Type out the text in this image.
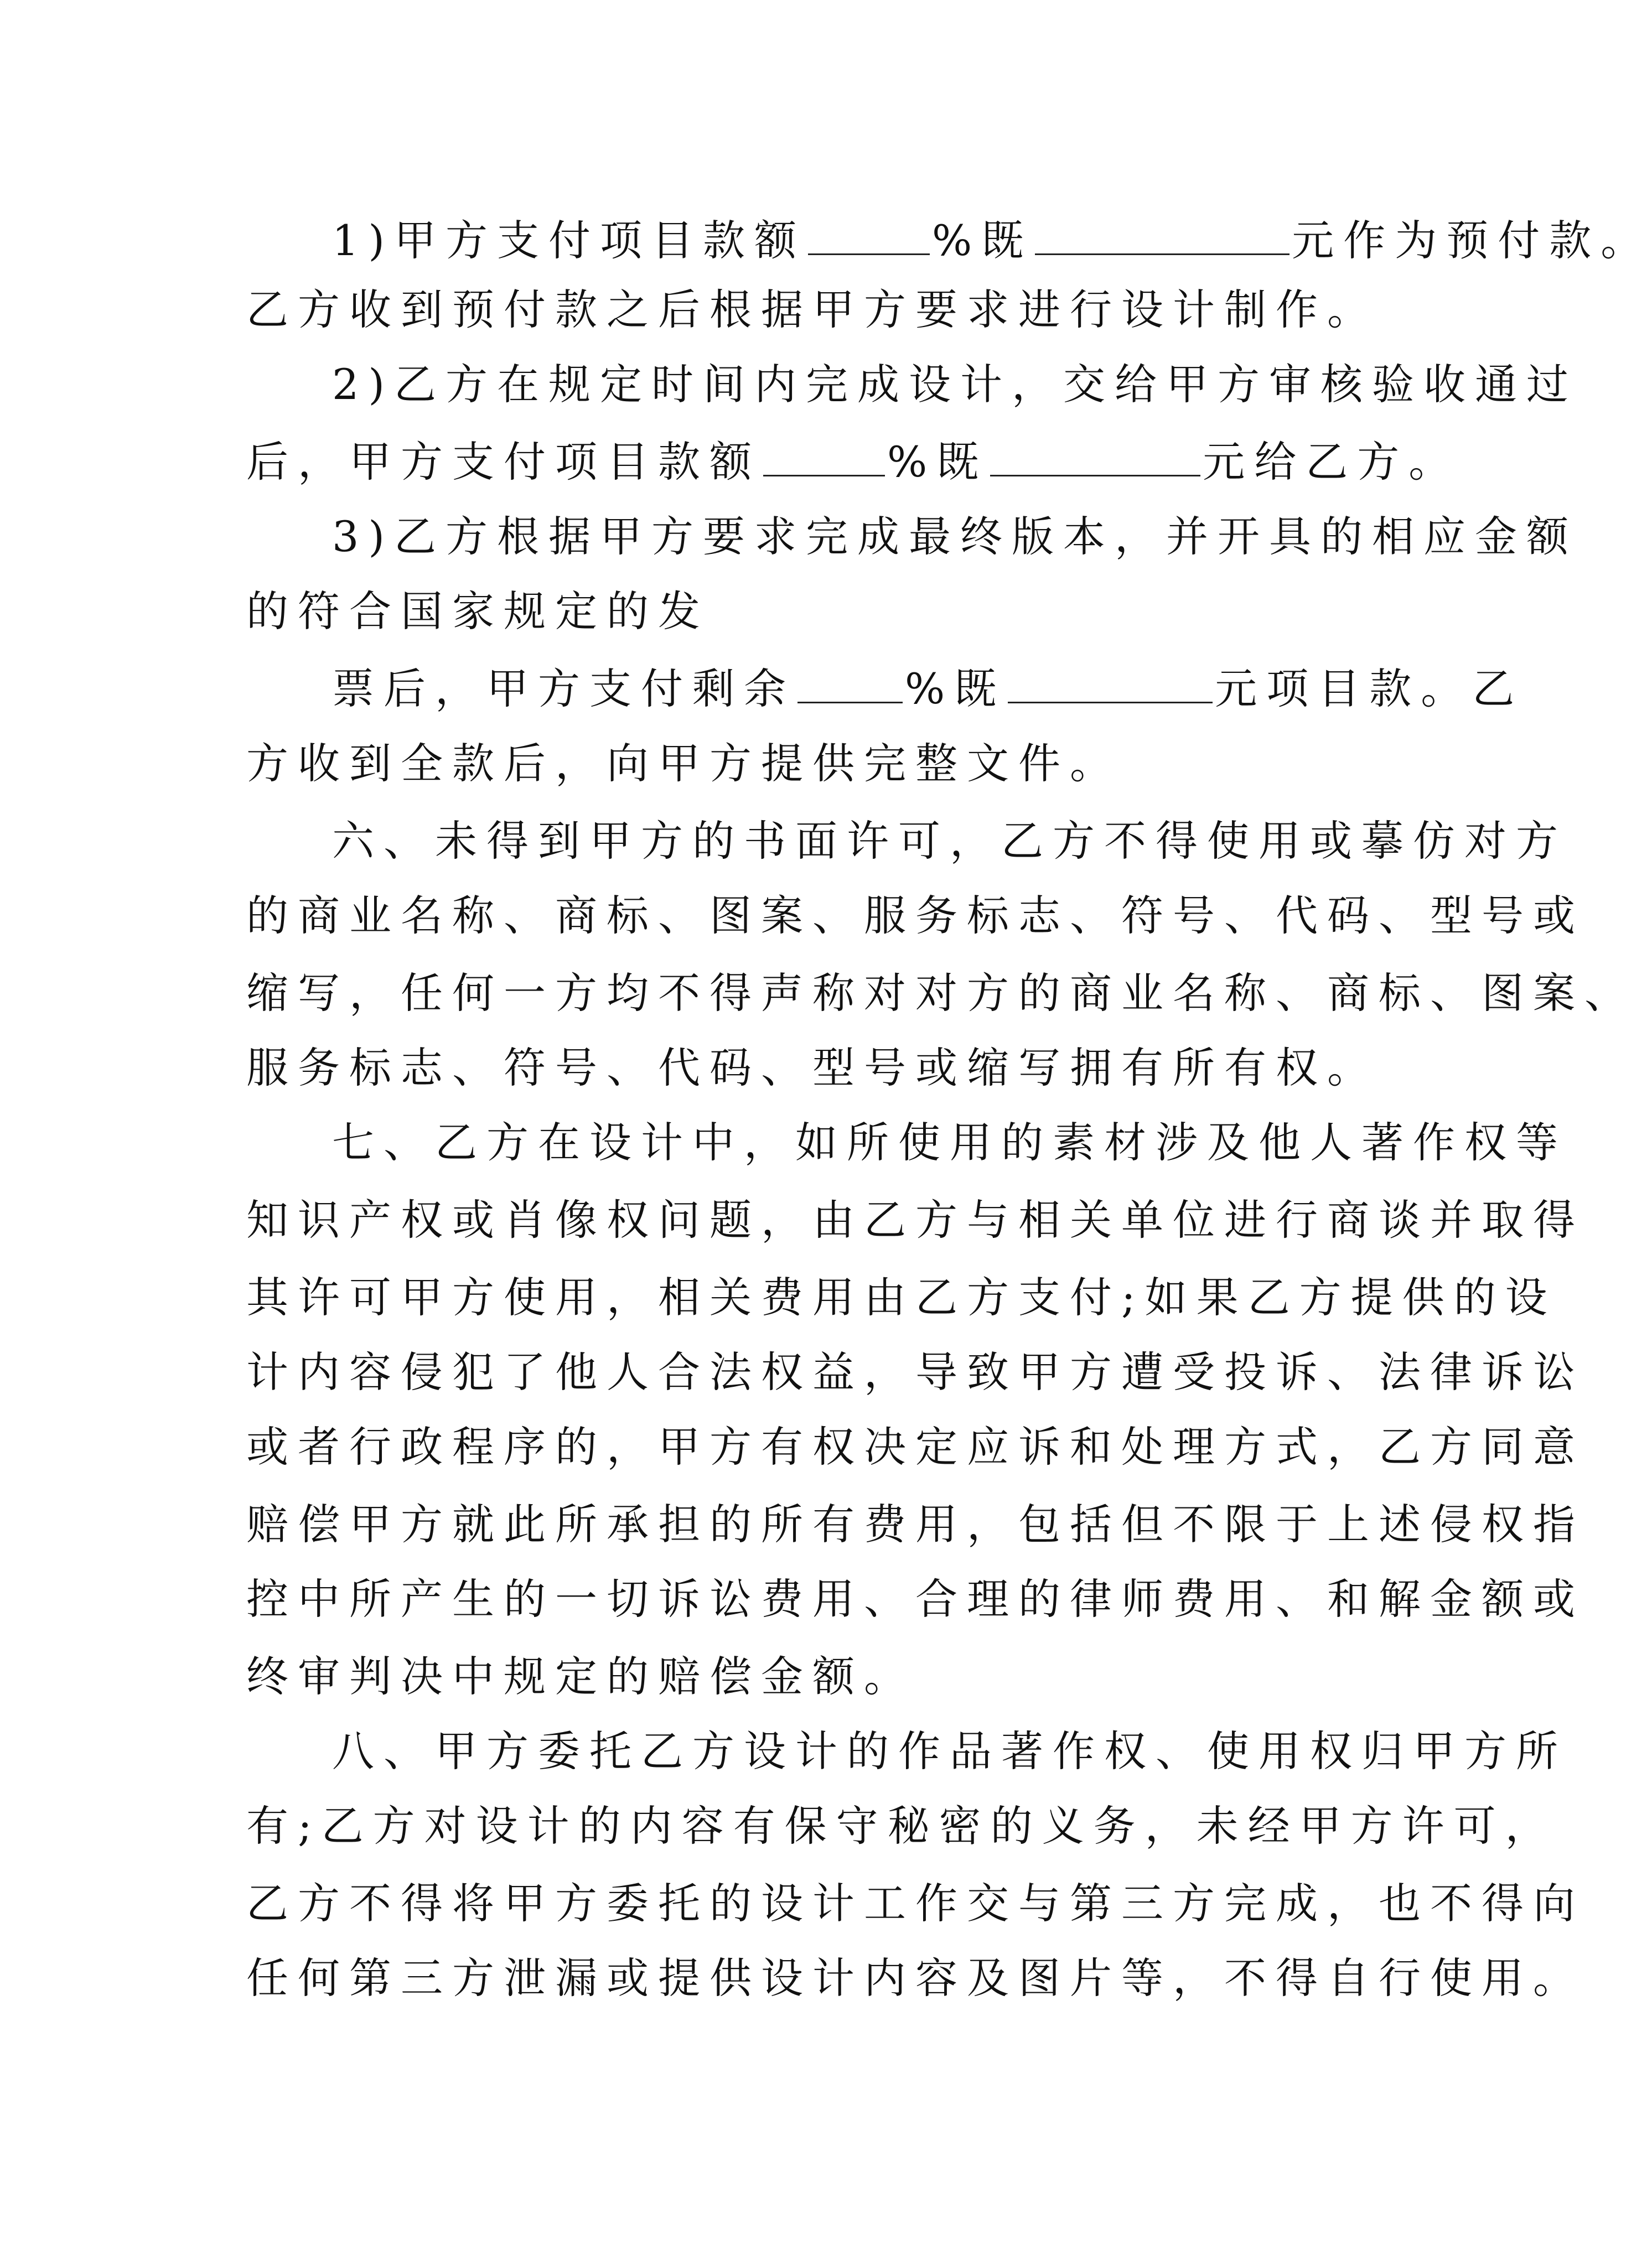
1)甲方支付项目款额	%既	元作为预付款。
乙方收到预付款之后根据甲方要求进行设计制作。
2)乙方在规定时间内完成设计，交给甲方审核验收通过
后，甲方支付项目款额	%既	元给乙方。
3)乙方根据甲方要求完成最终版本，并开具的相应金额
的符合国家规定的发
票后，甲方支付剩余	%既	元项目款。乙
方收到全款后，向甲方提供完整文件。
六、未得到甲方的书面许可，乙方不得使用或摹仿对方
的商业名称、商标、图案、服务标志、符号、代码、型号或
缩写，任何一方均不得声称对对方的商业名称、商标、图案、
服务标志、符号、代码、型号或缩写拥有所有权。
七、乙方在设计中，如所使用的素材涉及他人著作权等
知识产权或肖像权问题，由乙方与相关单位进行商谈并取得
其许可甲方使用，相关费用由乙方支付;如果乙方提供的设
计内容侵犯了他人合法权益，导致甲方遭受投诉、法律诉讼
或者行政程序的，甲方有权决定应诉和处理方式，乙方同意
赔偿甲方就此所承担的所有费用，包括但不限于上述侵权指
控中所产生的一切诉讼费用、合理的律师费用、和解金额或
终审判决中规定的赔偿金额。
八、甲方委托乙方设计的作品著作权、使用权归甲方所
有;乙方对设计的内容有保守秘密的义务，未经甲方许可，
乙方不得将甲方委托的设计工作交与第三方完成，也不得向
任何第三方泄漏或提供设计内容及图片等，不得自行使用。
